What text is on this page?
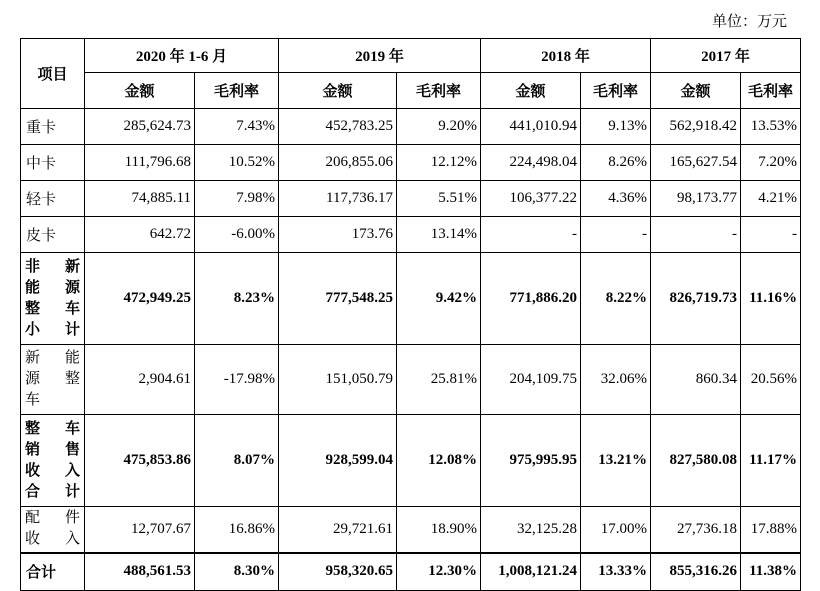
单位：万元
项目	2020 年 1-6 月		2019 年		2018 年		2017 年	
	金额	毛利率	金额	毛利率	金额	毛利率	金额	毛利率
重卡	285,624.73	7.43%	452,783.25	9.20%	441,010.94	9.13%	562,918.42	13.53%
中卡	111,796.68	10.52%	206,855.06	12.12%	224,498.04	8.26%	165,627.54	7.20%
轻卡	74,885.11	7.98%	117,736.17	5.51%	106,377.22	4.36%	98,173.77	4.21%
皮卡	642.72	-6.00%	173.76	13.14%	-	-	-	-

非新
能源
整车
小计	472,949.25	8.23%	777,548.25	9.42%	771,886.20	8.22%	826,719.73	11.16%

新能
源整
车	2,904.61	-17.98%	151,050.79	25.81%	204,109.75	32.06%	860.34	20.56%

整车
销售
收入
合计	475,853.86	8.07%	928,599.04	12.08%	975,995.95	13.21%	827,580.08	11.17%

配件
收入	12,707.67	16.86%	29,721.61	18.90%	32,125.28	17.00%	27,736.18	17.88%
合计	488,561.53	8.30%	958,320.65	12.30%	1,008,121.24	13.33%	855,316.26	11.38%
